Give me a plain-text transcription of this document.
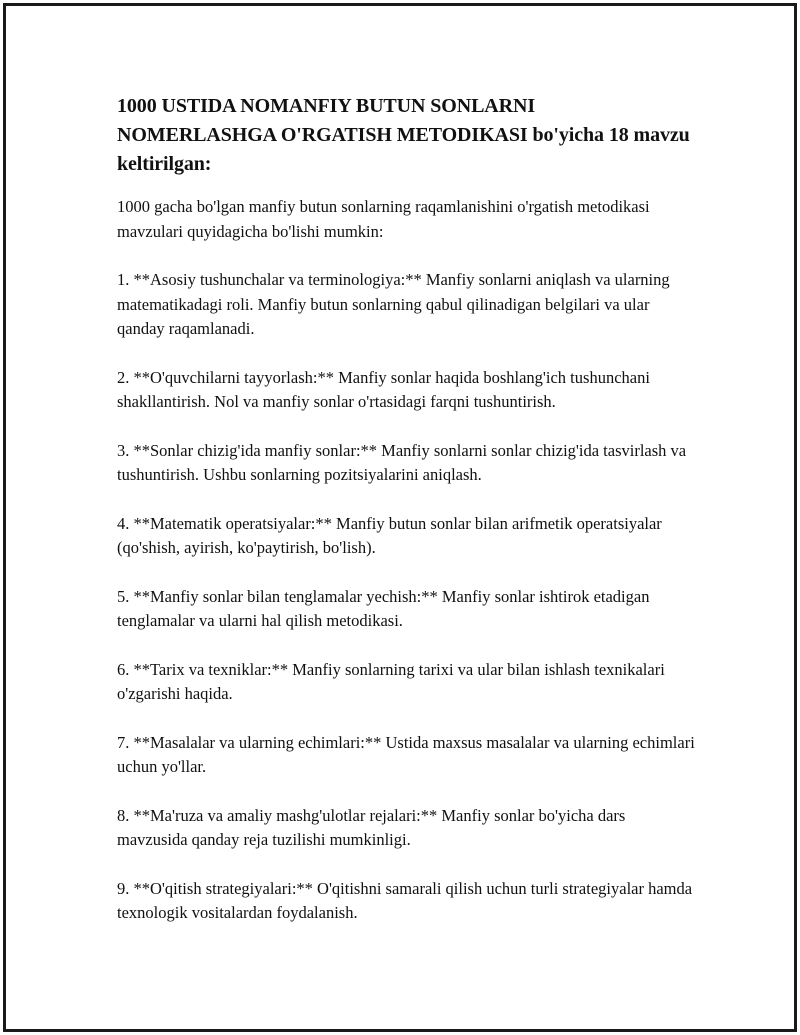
1000 USTIDA NOMANFIY BUTUN SONLARNI NOMERLASHGA O'RGATISH METODIKASI bo'yicha 18 mavzu keltirilgan:

1000 gacha bo'lgan manfiy butun sonlarning raqamlanishini o'rgatish metodikasi mavzulari quyidagicha bo'lishi mumkin:

1. **Asosiy tushunchalar va terminologiya:** Manfiy sonlarni aniqlash va ularning matematikadagi roli. Manfiy butun sonlarning qabul qilinadigan belgilari va ular qanday raqamlanadi.

2. **O'quvchilarni tayyorlash:** Manfiy sonlar haqida boshlang'ich tushunchani shakllantirish. Nol va manfiy sonlar o'rtasidagi farqni tushuntirish.

3. **Sonlar chizig'ida manfiy sonlar:** Manfiy sonlarni sonlar chizig'ida tasvirlash va tushuntirish. Ushbu sonlarning pozitsiyalarini aniqlash.

4. **Matematik operatsiyalar:** Manfiy butun sonlar bilan arifmetik operatsiyalar (qo'shish, ayirish, ko'paytirish, bo'lish).

5. **Manfiy sonlar bilan tenglamalar yechish:** Manfiy sonlar ishtirok etadigan tenglamalar va ularni hal qilish metodikasi.

6. **Tarix va texniklar:** Manfiy sonlarning tarixi va ular bilan ishlash texnikalari o'zgarishi haqida.

7. **Masalalar va ularning echimlari:** Ustida maxsus masalalar va ularning echimlari uchun yo'llar.

8. **Ma'ruza va amaliy mashg'ulotlar rejalari:** Manfiy sonlar bo'yicha dars mavzusida qanday reja tuzilishi mumkinligi.

9. **O'qitish strategiyalari:** O'qitishni samarali qilish uchun turli strategiyalar hamda texnologik vositalardan foydalanish.
